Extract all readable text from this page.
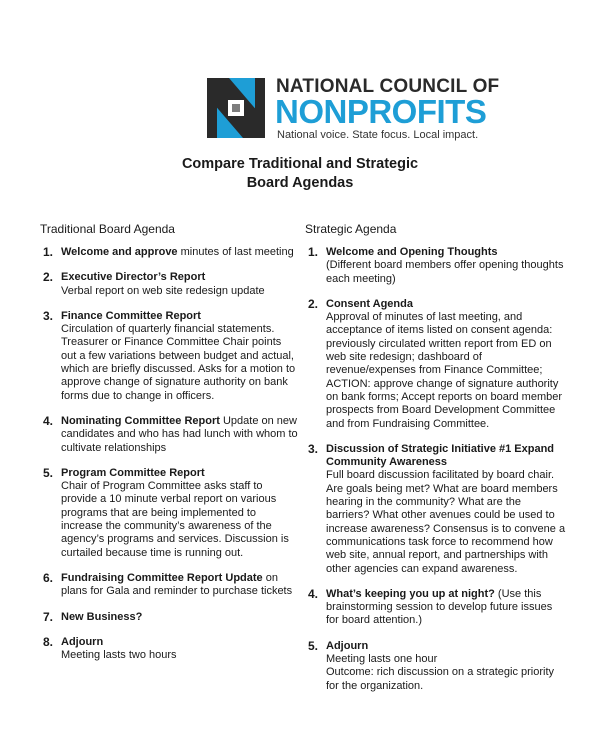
NATIONAL COUNCIL OF
NONPROFITS
National voice. State focus. Local impact.
Compare Traditional and Strategic
Board Agendas
Traditional Board Agenda
1. Welcome and approve minutes of last meeting
2. Executive Director’s Report
Verbal report on web site redesign update
3. Finance Committee Report
Circulation of quarterly financial statements. Treasurer or Finance Committee Chair points out a few variations between budget and actual, which are briefly discussed. Asks for a motion to approve change of signature authority on bank forms due to change in officers.
4. Nominating Committee Report Update on new candidates and who has had lunch with whom to cultivate relationships
5. Program Committee Report
Chair of Program Committee asks staff to provide a 10 minute verbal report on various programs that are being implemented to increase the community’s awareness of the agency’s programs and services. Discussion is curtailed because time is running out.
6. Fundraising Committee Report Update on plans for Gala and reminder to purchase tickets
7. New Business?
8. Adjourn
Meeting lasts two hours
Strategic Agenda
1. Welcome and Opening Thoughts
(Different board members offer opening thoughts each meeting)
2. Consent Agenda
Approval of minutes of last meeting, and acceptance of items listed on consent agenda: previously circulated written report from ED on web site redesign; dashboard of revenue/expenses from Finance Committee; ACTION: approve change of signature authority on bank forms; Accept reports on board member prospects from Board Development Committee and from Fundraising Committee.
3. Discussion of Strategic Initiative #1 Expand Community Awareness
Full board discussion facilitated by board chair. Are goals being met? What are board members hearing in the community? What are the barriers? What other avenues could be used to increase awareness? Consensus is to convene a communications task force to recommend how web site, annual report, and partnerships with other agencies can expand awareness.
4. What’s keeping you up at night? (Use this brainstorming session to develop future issues for board attention.)
5. Adjourn
Meeting lasts one hour
Outcome: rich discussion on a strategic priority for the organization.
